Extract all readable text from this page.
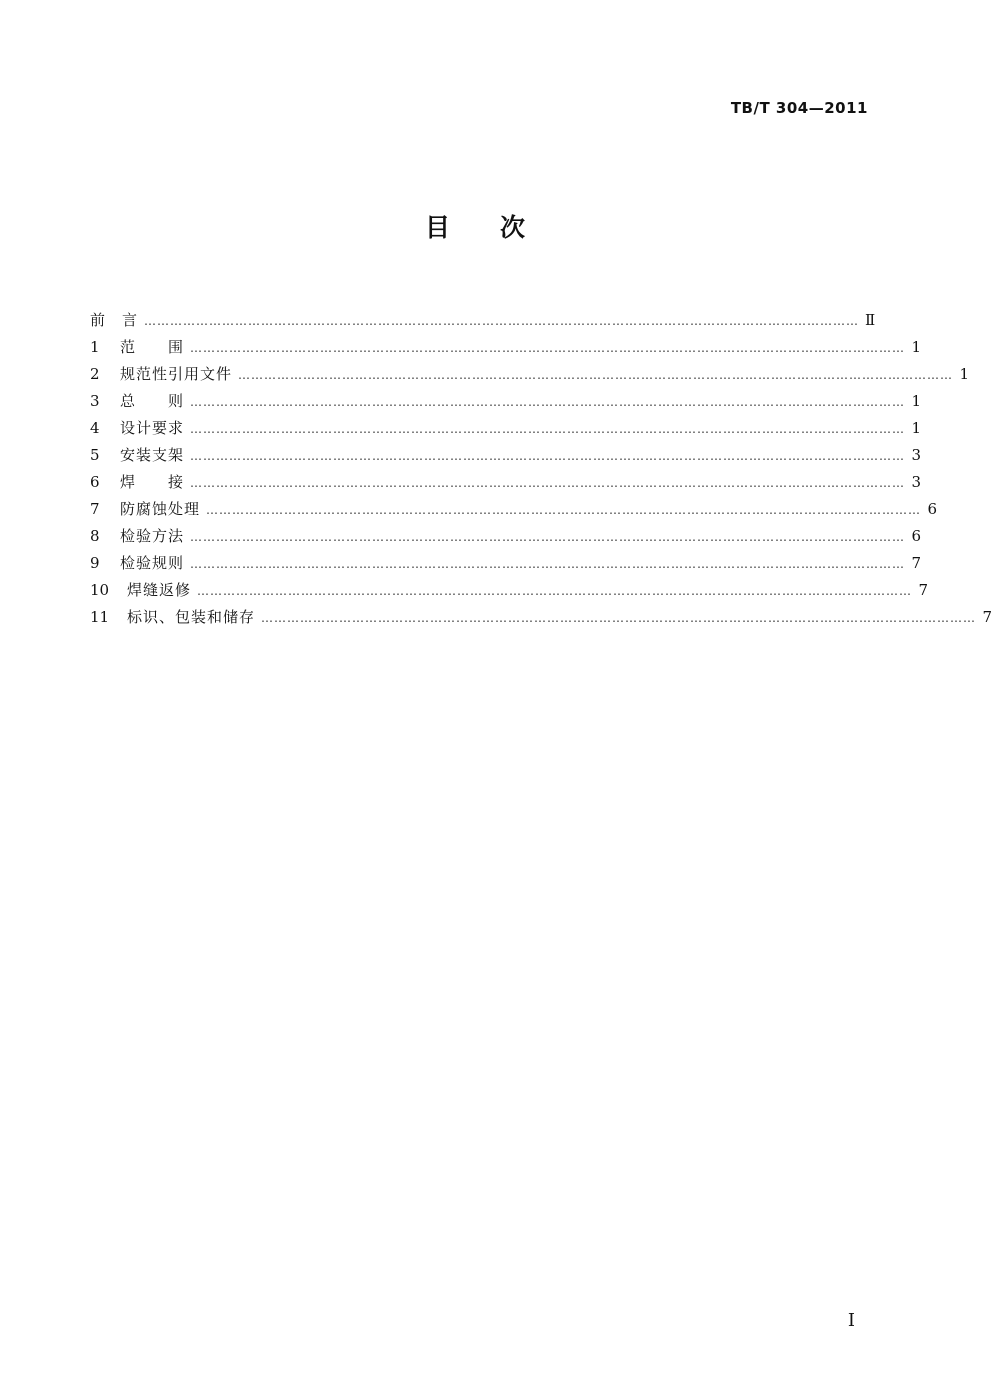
TB/T 304—2011
目 次
前　言 ………………………………………………………………………………………………………………………………………………… Ⅱ
1	范　　围 ………………………………………………………………………………………………………………………………………………… 1
2	规范性引用文件 ………………………………………………………………………………………………………………………………………………… 1
3	总　　则 ………………………………………………………………………………………………………………………………………………… 1
4	设计要求 ………………………………………………………………………………………………………………………………………………… 1
5	安装支架 ………………………………………………………………………………………………………………………………………………… 3
6	焊　　接 ………………………………………………………………………………………………………………………………………………… 3
7	防腐蚀处理 ………………………………………………………………………………………………………………………………………………… 6
8	检验方法 ………………………………………………………………………………………………………………………………………………… 6
9	检验规则 ………………………………………………………………………………………………………………………………………………… 7
10	焊缝返修 ………………………………………………………………………………………………………………………………………………… 7
11	标识、包装和储存 ………………………………………………………………………………………………………………………………………………… 7
I
